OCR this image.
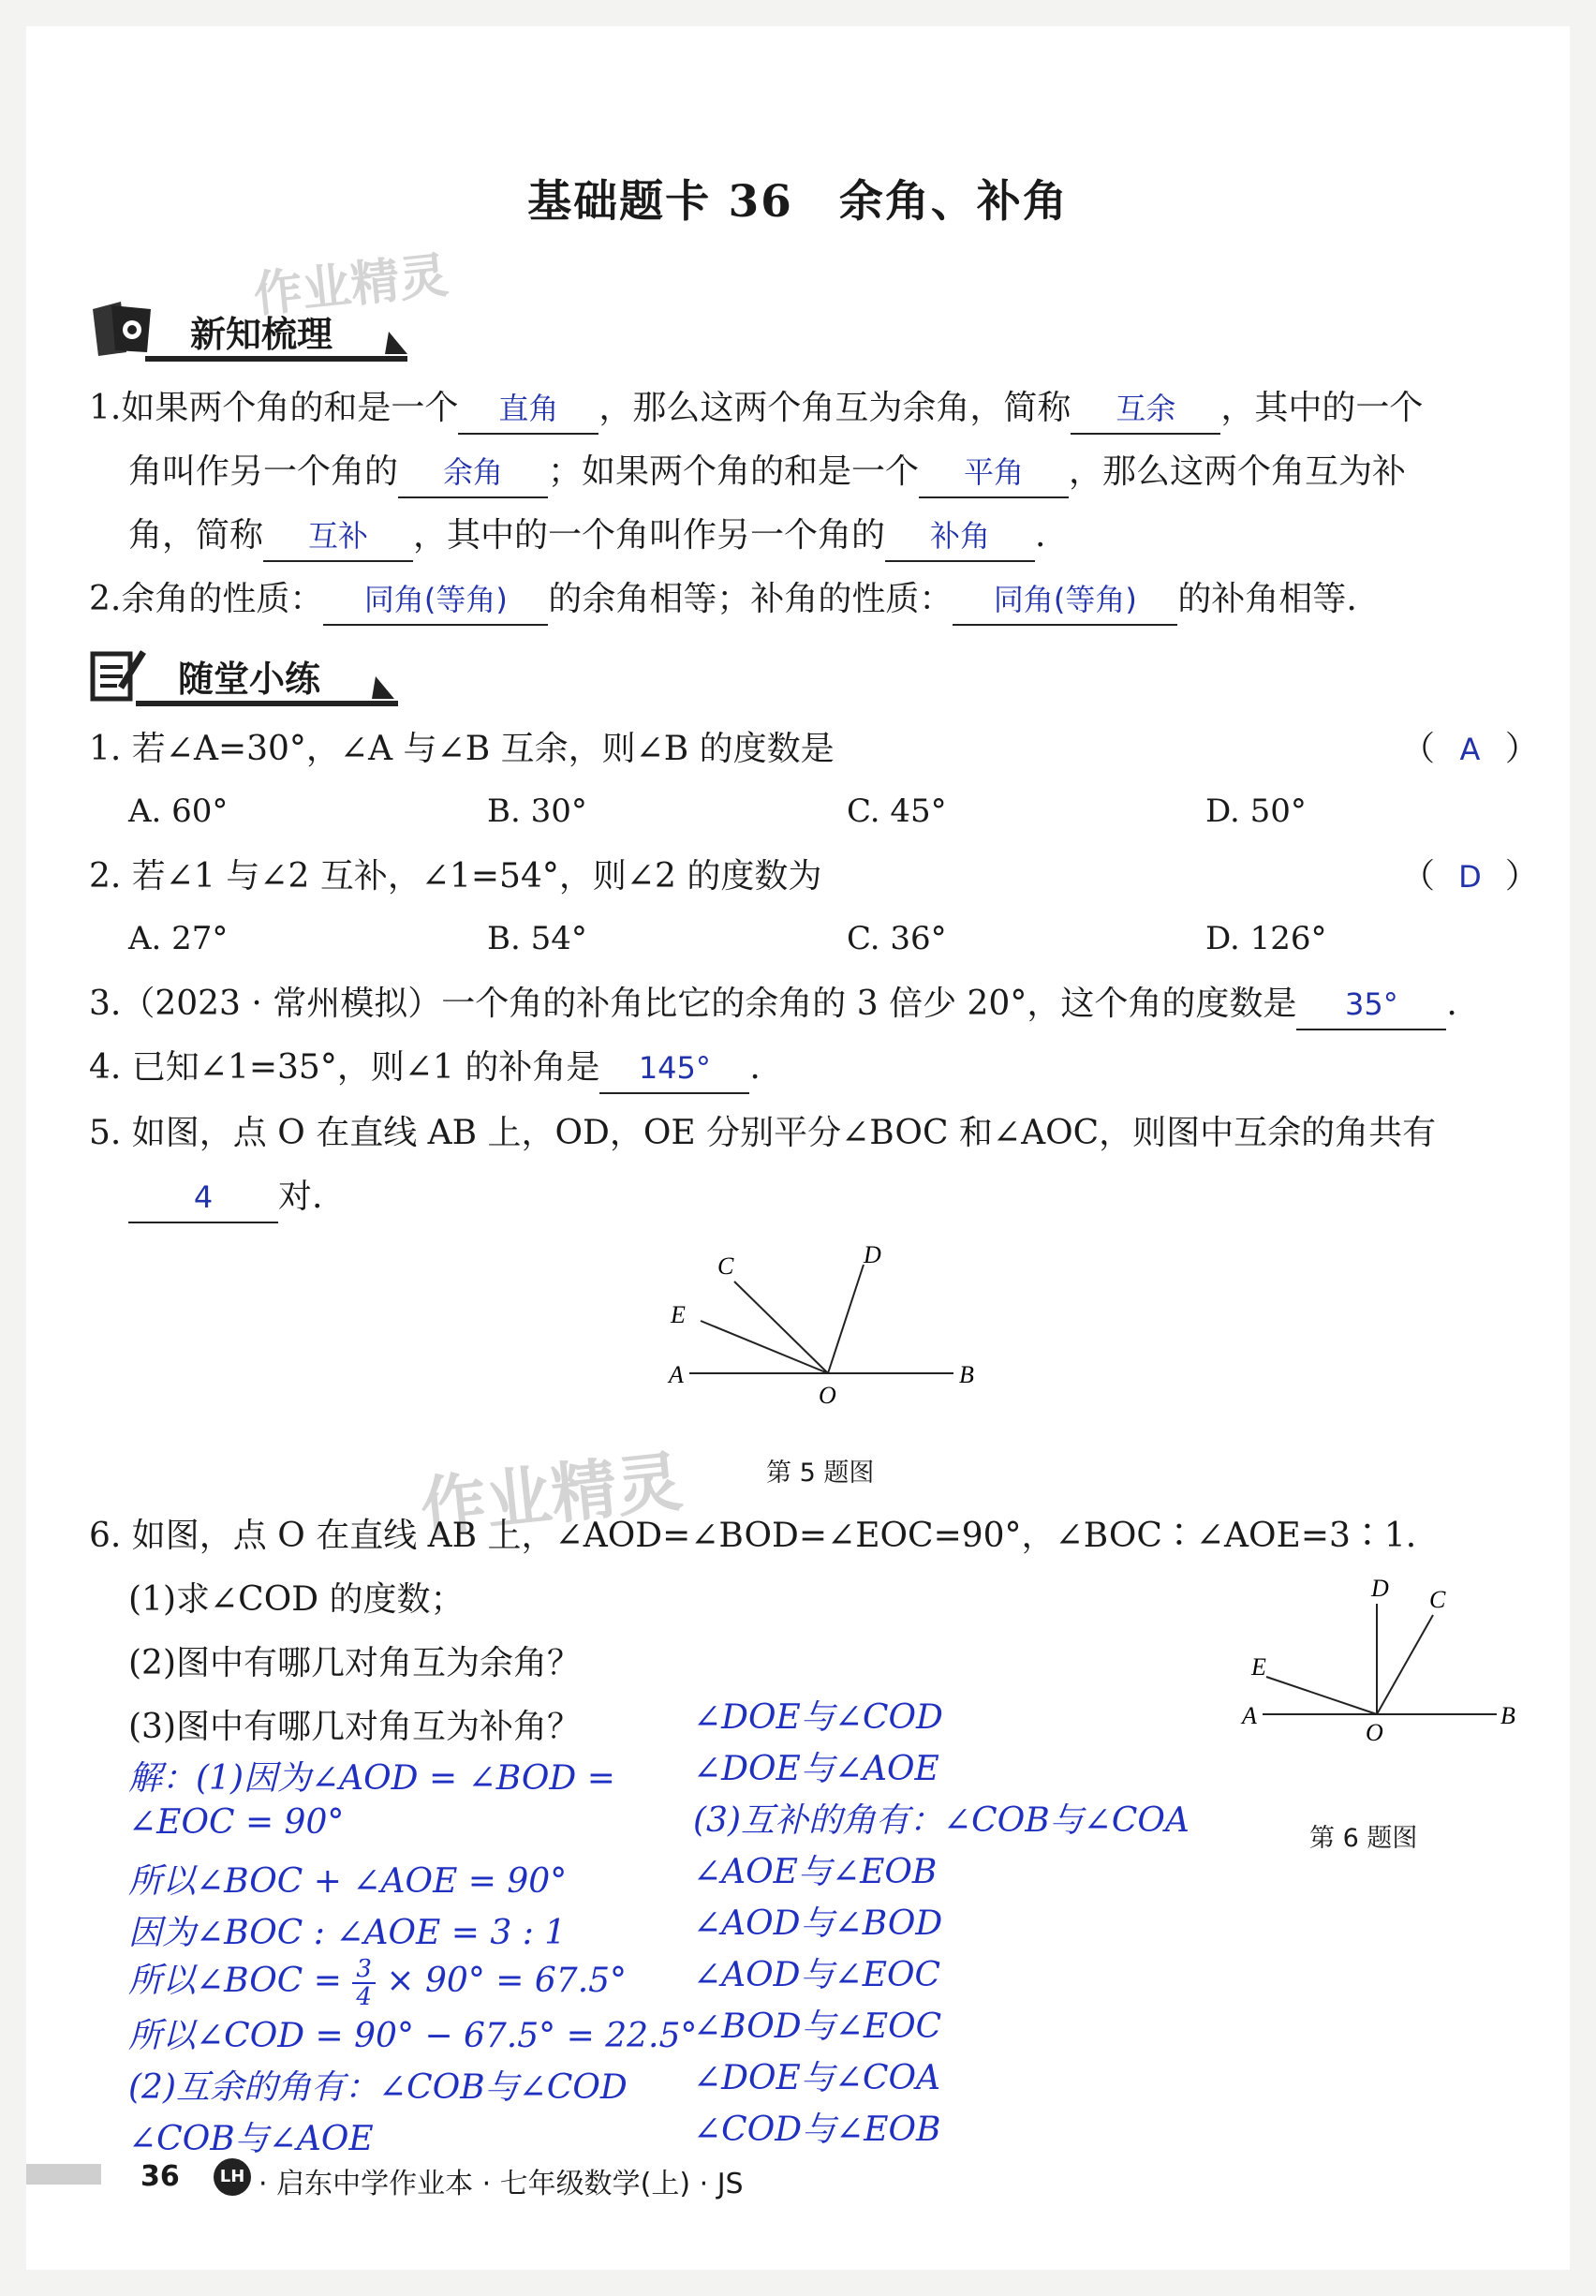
作业精灵
作业精灵
基础题卡 36　余角、补角
新知梳理
1.如果两个角的和是一个 直角 ，那么这两个角互为余角，简称 互余 ，其中的一个
角叫作另一个角的 余角 ；如果两个角的和是一个 平角 ，那么这两个角互为补
角，简称 互补 ，其中的一个角叫作另一个角的 补角 .
2.余角的性质： 同角(等角) 的余角相等；补角的性质： 同角(等角) 的补角相等.
随堂小练
1. 若∠A=30°，∠A 与∠B 互余，则∠B 的度数是	（ A ）
A. 60°	B. 30°	C. 45°	D. 50°
2. 若∠1 与∠2 互补，∠1=54°，则∠2 的度数为	（ D ）
A. 27°	B. 54°	C. 36°	D. 126°
3.（2023 · 常州模拟）一个角的补角比它的余角的 3 倍少 20°，这个角的度数是 35° .
4. 已知∠1=35°，则∠1 的补角是 145° .
5. 如图，点 O 在直线 AB 上，OD，OE 分别平分∠BOC 和∠AOC，则图中互余的角共有
4 对.
A	B
C	D
E
O
第 5 题图
6. 如图，点 O 在直线 AB 上，∠AOD=∠BOD=∠EOC=90°，∠BOC∶∠AOE=3∶1.
(1)求∠COD 的度数；
(2)图中有哪几对角互为余角？
(3)图中有哪几对角互为补角？	A	B
C
D
E
O
第 6 题图
解：(1)因为∠AOD = ∠BOD =
∠EOC = 90°
所以∠BOC + ∠AOE = 90°
因为∠BOC : ∠AOE = 3 : 1
所以∠BOC = $\frac{3}{4} \times 90^\circ = 67.5^\circ$
所以∠COD = 90° − 67.5° = 22.5°
(2)互余的角有：∠COB与∠COD
∠COB与∠AOE
∠DOE与∠COD
∠DOE与∠AOE
(3)互补的角有：∠COB与∠COA
∠AOE与∠EOB
∠AOD与∠BOD
∠AOD与∠EOC
∠BOD与∠EOC
∠DOE与∠COA
∠COD与∠EOB
36	LH · 启东中学作业本 · 七年级数学(上) · JS
